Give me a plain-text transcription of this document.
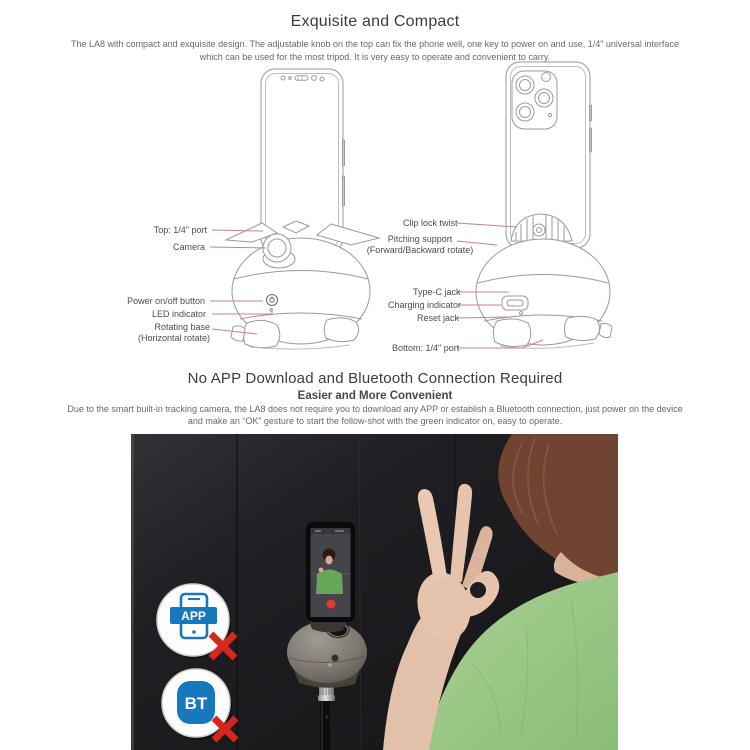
Exquisite and Compact
The LA8 with compact and exquisite design. The adjustable knob on the top can fix the phone well, one key to power on and use, 1/4" universal interface
which can be used for the most tripod. It is very easy to operate and convenient to carry.
Top: 1/4" port
Camera
Power on/off button
LED indicator
Rotating base
(Horizontal rotate)
Clip lock twist
Pitching support
(Forward/Backward rotate)
Type-C jack
Charging indicator
Reset jack
Bottom: 1/4" port
No APP Download and Bluetooth Connection Required
Easier and More Convenient
Due to the smart built-in tracking camera, the LA8 does not require you to download any APP or establish a Bluetooth connection, just power on the device
and make an “OK” gesture to start the follow-shot with the green indicator on, easy to operate.
APP
BT
